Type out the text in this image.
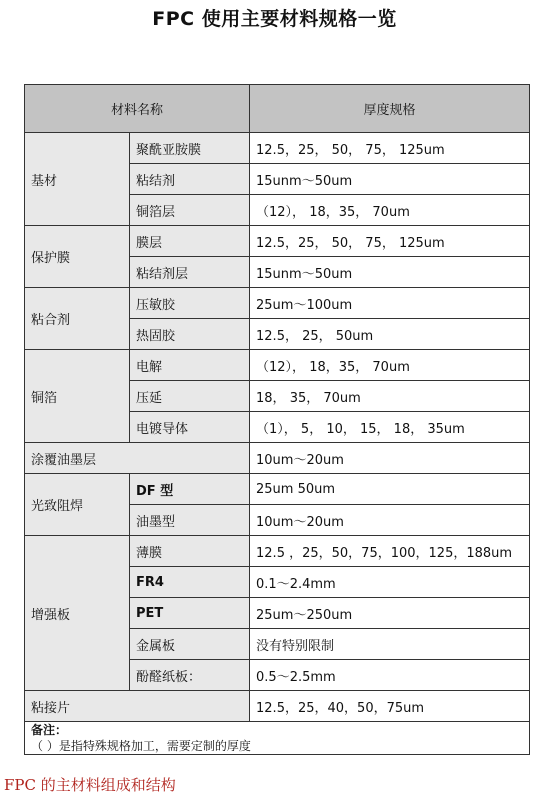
FPC 使用主要材料规格一览
材料名称		厚度规格
基材	聚酰亚胺膜	12.5，25， 50， 75， 125um
	粘结剂	15unm～50um
	铜箔层	（12）， 18，35， 70um
保护膜	膜层	12.5，25， 50， 75， 125um
	粘结剂层	15unm～50um
粘合剂	压敏胶	25um～100um
	热固胶	12.5， 25， 50um
铜箔	电解	（12）， 18，35， 70um
	压延	18， 35， 70um
	电镀导体	（1）， 5， 10， 15， 18， 35um
涂覆油墨层		10um～20um
光致阻焊	DF 型	25um 50um
	油墨型	10um～20um
增强板	薄膜	12.5 ，25，50，75，100，125，188um
	FR4	0.1～2.4mm
	PET	25um～250um
	金属板	没有特别限制
	酚醛纸板：	0.5～2.5mm
粘接片		12.5，25，40，50，75um

备注：
（ ）是指特殊规格加工，需要定制的厚度		
FPC 的主材料组成和结构
